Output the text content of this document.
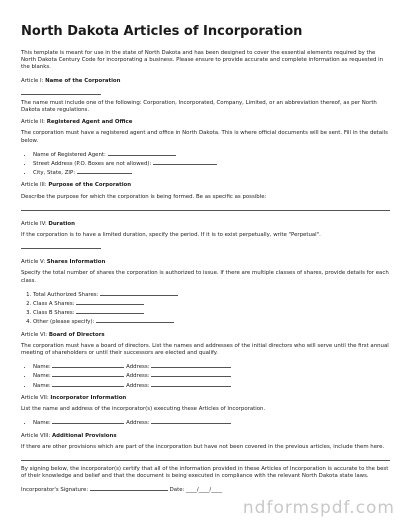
North Dakota Articles of Incorporation

This template is meant for use in the state of North Dakota and has been designed to cover the essential elements required by the North Dakota Century Code for incorporating a business. Please ensure to provide accurate and complete information as requested in the blanks.

Article I: Name of the Corporation

The name must include one of the following: Corporation, Incorporated, Company, Limited, or an abbreviation thereof, as per North Dakota state regulations.

Article II: Registered Agent and Office

The corporation must have a registered agent and office in North Dakota. This is where official documents will be sent. Fill in the details below.

• Name of Registered Agent:
• Street Address (P.O. Boxes are not allowed):
• City, State, ZIP:
Article III: Purpose of the Corporation

Describe the purpose for which the corporation is being formed. Be as specific as possible:

Article IV: Duration

If the corporation is to have a limited duration, specify the period. If it is to exist perpetually, write "Perpetual".

Article V: Shares Information

Specify the total number of shares the corporation is authorized to issue. If there are multiple classes of shares, provide details for each class.

1. Total Authorized Shares:
2. Class A Shares:
3. Class B Shares:
4. Other (please specify):
Article VI: Board of Directors

The corporation must have a board of directors. List the names and addresses of the initial directors who will serve until the first annual meeting of shareholders or until their successors are elected and qualify.

• Name:	Address:
• Name:	Address:
• Name:	Address:
Article VII: Incorporator Information

List the name and address of the incorporator(s) executing these Articles of Incorporation.

• Name:	Address:
Article VIII: Additional Provisions

If there are other provisions which are part of the incorporation but have not been covered in the previous articles, include them here.

By signing below, the incorporator(s) certify that all of the information provided in these Articles of Incorporation is accurate to the best of their knowledge and belief and that the document is being executed in compliance with the relevant North Dakota state laws.

Incorporator's Signature:	Date: ____/____/____
ndformspdf.com
